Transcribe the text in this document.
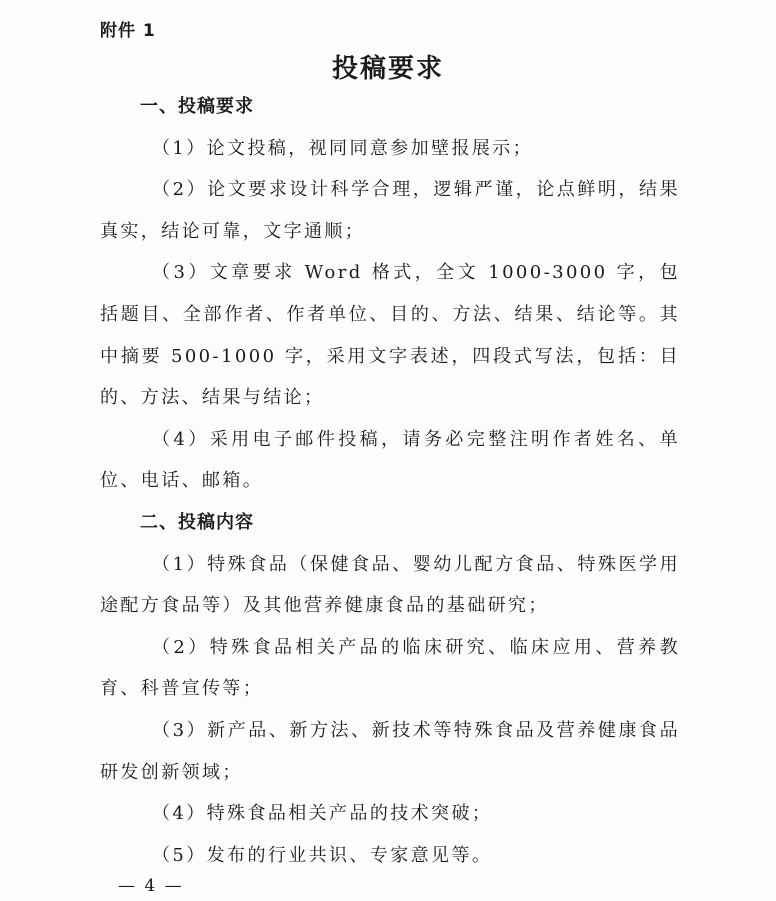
附件 1
投稿要求

一、投稿要求

（1）论文投稿，视同同意参加壁报展示；

（2）论文要求设计科学合理，逻辑严谨，论点鲜明，结果真实，结论可靠，文字通顺；

（3）文章要求 Word 格式，全文 1000-3000 字，包括题目、全部作者、作者单位、目的、方法、结果、结论等。其中摘要 500-1000 字，采用文字表述，四段式写法，包括：目的、方法、结果与结论；

（4）采用电子邮件投稿，请务必完整注明作者姓名、单位、电话、邮箱。

二、投稿内容

（1）特殊食品（保健食品、婴幼儿配方食品、特殊医学用途配方食品等）及其他营养健康食品的基础研究；

（2）特殊食品相关产品的临床研究、临床应用、营养教育、科普宣传等；

（3）新产品、新方法、新技术等特殊食品及营养健康食品研发创新领域；

（4）特殊食品相关产品的技术突破；

（5）发布的行业共识、专家意见等。

— 4 —
